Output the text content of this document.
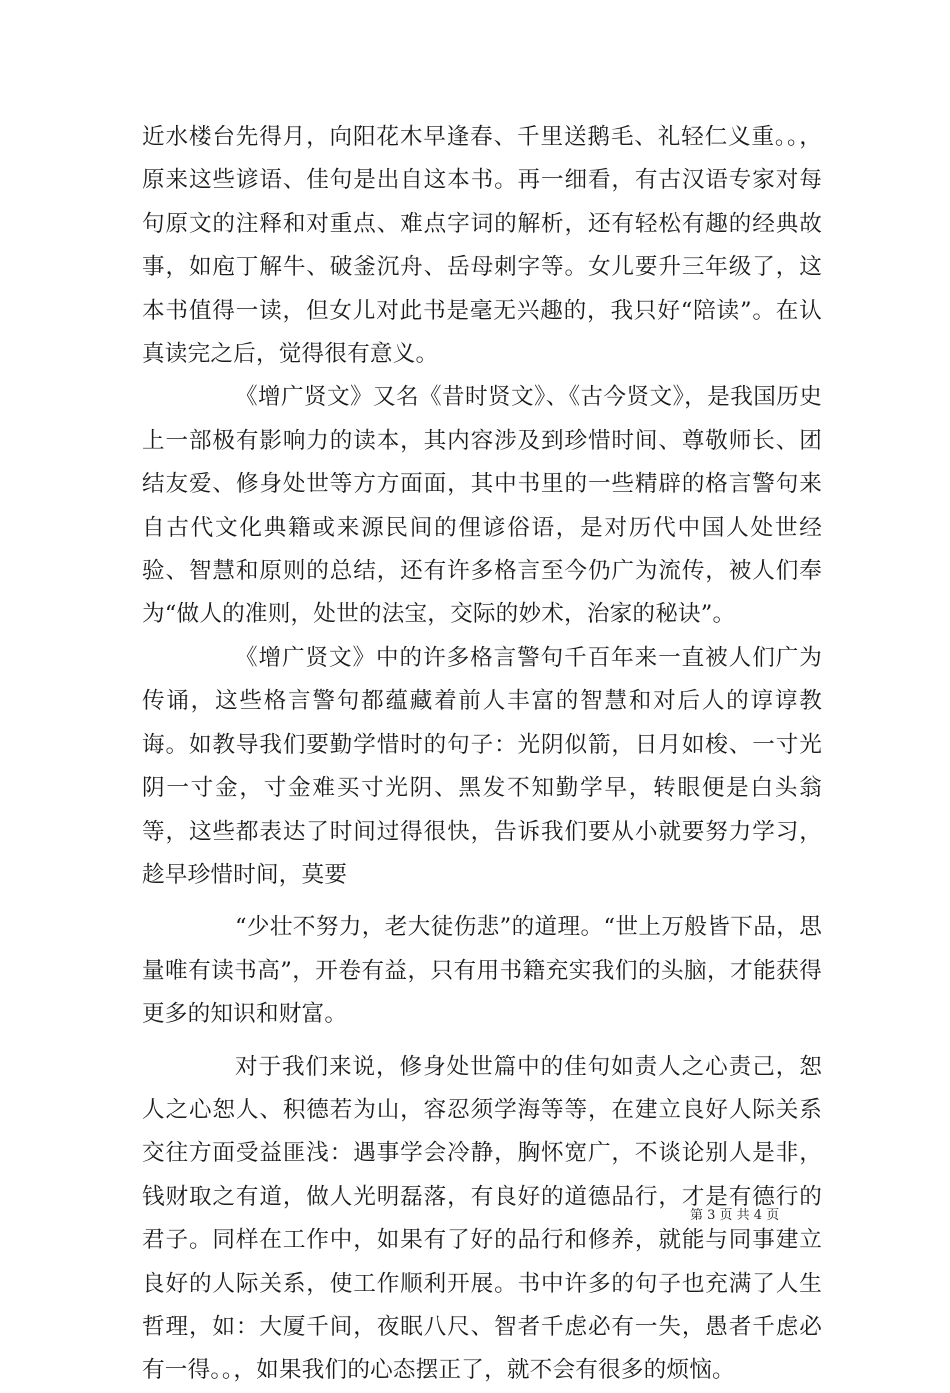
近水楼台先得月，向阳花木早逢春、千里送鹅毛、礼轻仁义重。。，原来这些谚语、佳句是出自这本书。再一细看，有古汉语专家对每句原文的注释和对重点、难点字词的解析，还有轻松有趣的经典故事，如庖丁解牛、破釜沉舟、岳母刺字等。女儿要升三年级了，这本书值得一读，但女儿对此书是毫无兴趣的，我只好“陪读”。在认真读完之后，觉得很有意义。

《增广贤文》又名《昔时贤文》、《古今贤文》，是我国历史上一部极有影响力的读本，其内容涉及到珍惜时间、尊敬师长、团结友爱、修身处世等方方面面，其中书里的一些精辟的格言警句来自古代文化典籍或来源民间的俚谚俗语，是对历代中国人处世经验、智慧和原则的总结，还有许多格言至今仍广为流传，被人们奉为“做人的准则，处世的法宝，交际的妙术，治家的秘诀”。

《增广贤文》中的许多格言警句千百年来一直被人们广为传诵，这些格言警句都蕴藏着前人丰富的智慧和对后人的谆谆教诲。如教导我们要勤学惜时的句子：光阴似箭，日月如梭、一寸光阴一寸金，寸金难买寸光阴、黑发不知勤学早，转眼便是白头翁等，这些都表达了时间过得很快，告诉我们要从小就要努力学习，趁早珍惜时间，莫要

“少壮不努力，老大徒伤悲”的道理。“世上万般皆下品，思量唯有读书高”，开卷有益，只有用书籍充实我们的头脑，才能获得更多的知识和财富。

对于我们来说，修身处世篇中的佳句如责人之心责己，恕人之心恕人、积德若为山，容忍须学海等等，在建立良好人际关系交往方面受益匪浅：遇事学会冷静，胸怀宽广，不谈论别人是非，钱财取之有道，做人光明磊落，有良好的道德品行，才是有德行的君子。同样在工作中，如果有了好的品行和修养，就能与同事建立良好的人际关系，使工作顺利开展。书中许多的句子也充满了人生哲理，如：大厦千间，夜眠八尺、智者千虑必有一失，愚者千虑必有一得。。，如果我们的心态摆正了，就不会有很多的烦恼。

第 3 页 共 4 页
